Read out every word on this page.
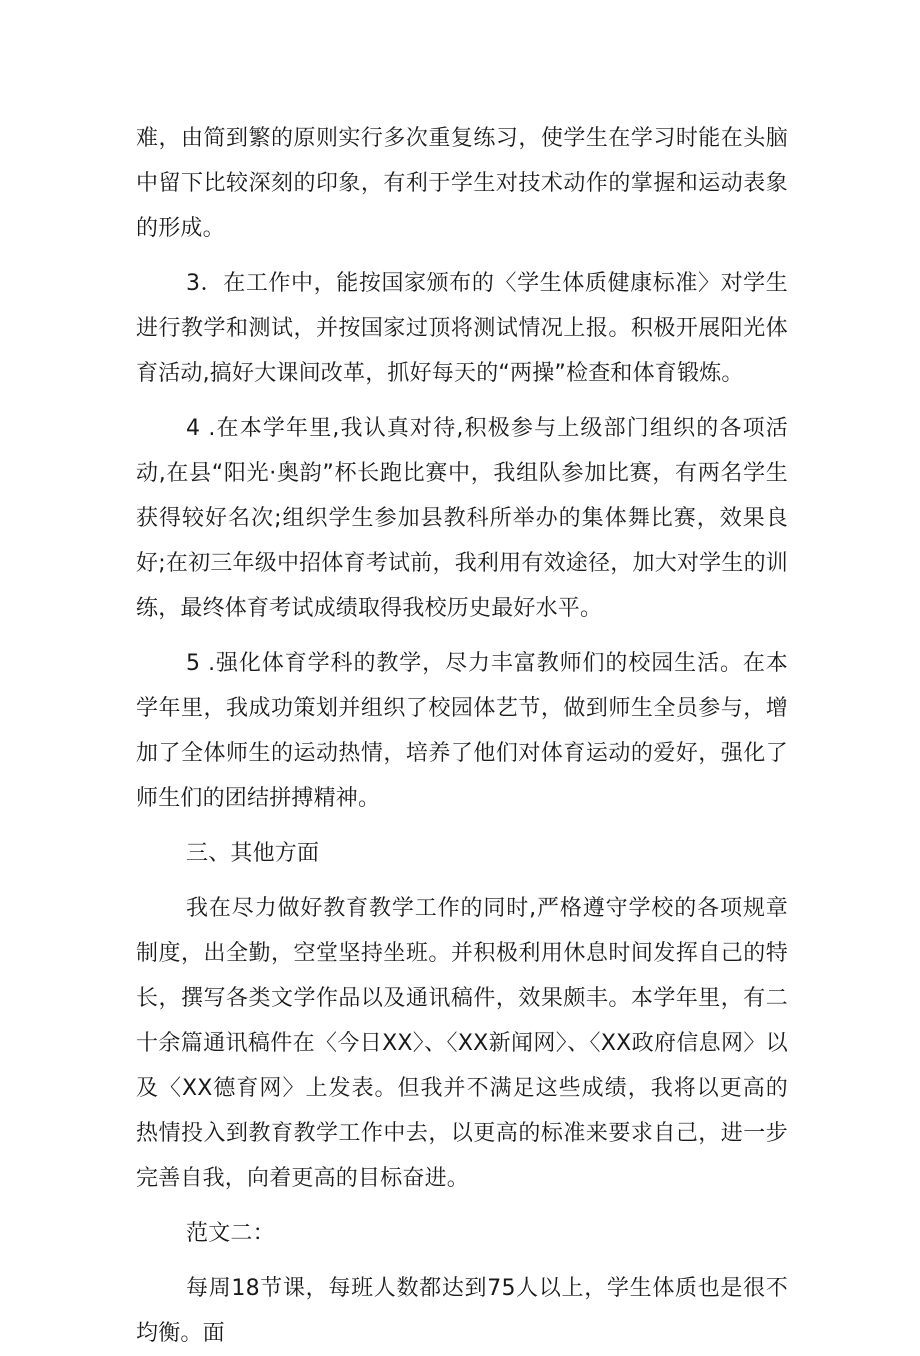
难，由简到繁的原则实行多次重复练习，使学生在学习时能在头脑中留下比较深刻的印象，有利于学生对技术动作的掌握和运动表象的形成。

3．在工作中，能按国家颁布的〈学生体质健康标准〉对学生进行教学和测试，并按国家过顶将测试情况上报。积极开展阳光体育活动,搞好大课间改革，抓好每天的“两操”检查和体育锻炼。

4 .在本学年里,我认真对待,积极参与上级部门组织的各项活动,在县“阳光·奥韵”杯长跑比赛中，我组队参加比赛，有两名学生获得较好名次;组织学生参加县教科所举办的集体舞比赛，效果良好;在初三年级中招体育考试前，我利用有效途径，加大对学生的训练，最终体育考试成绩取得我校历史最好水平。

5 .强化体育学科的教学，尽力丰富教师们的校园生活。在本学年里，我成功策划并组织了校园体艺节，做到师生全员参与，增加了全体师生的运动热情，培养了他们对体育运动的爱好，强化了师生们的团结拼搏精神。

三、其他方面

我在尽力做好教育教学工作的同时,严格遵守学校的各项规章制度，出全勤，空堂坚持坐班。并积极利用休息时间发挥自己的特长，撰写各类文学作品以及通讯稿件，效果颇丰。本学年里，有二十余篇通讯稿件在〈今日XX〉、〈XX新闻网〉、〈XX政府信息网〉以及〈XX德育网〉上发表。但我并不满足这些成绩，我将以更高的热情投入到教育教学工作中去，以更高的标准来要求自己，进一步完善自我，向着更高的目标奋进。

范文二：

每周18节课，每班人数都达到75人以上，学生体质也是很不均衡。面
